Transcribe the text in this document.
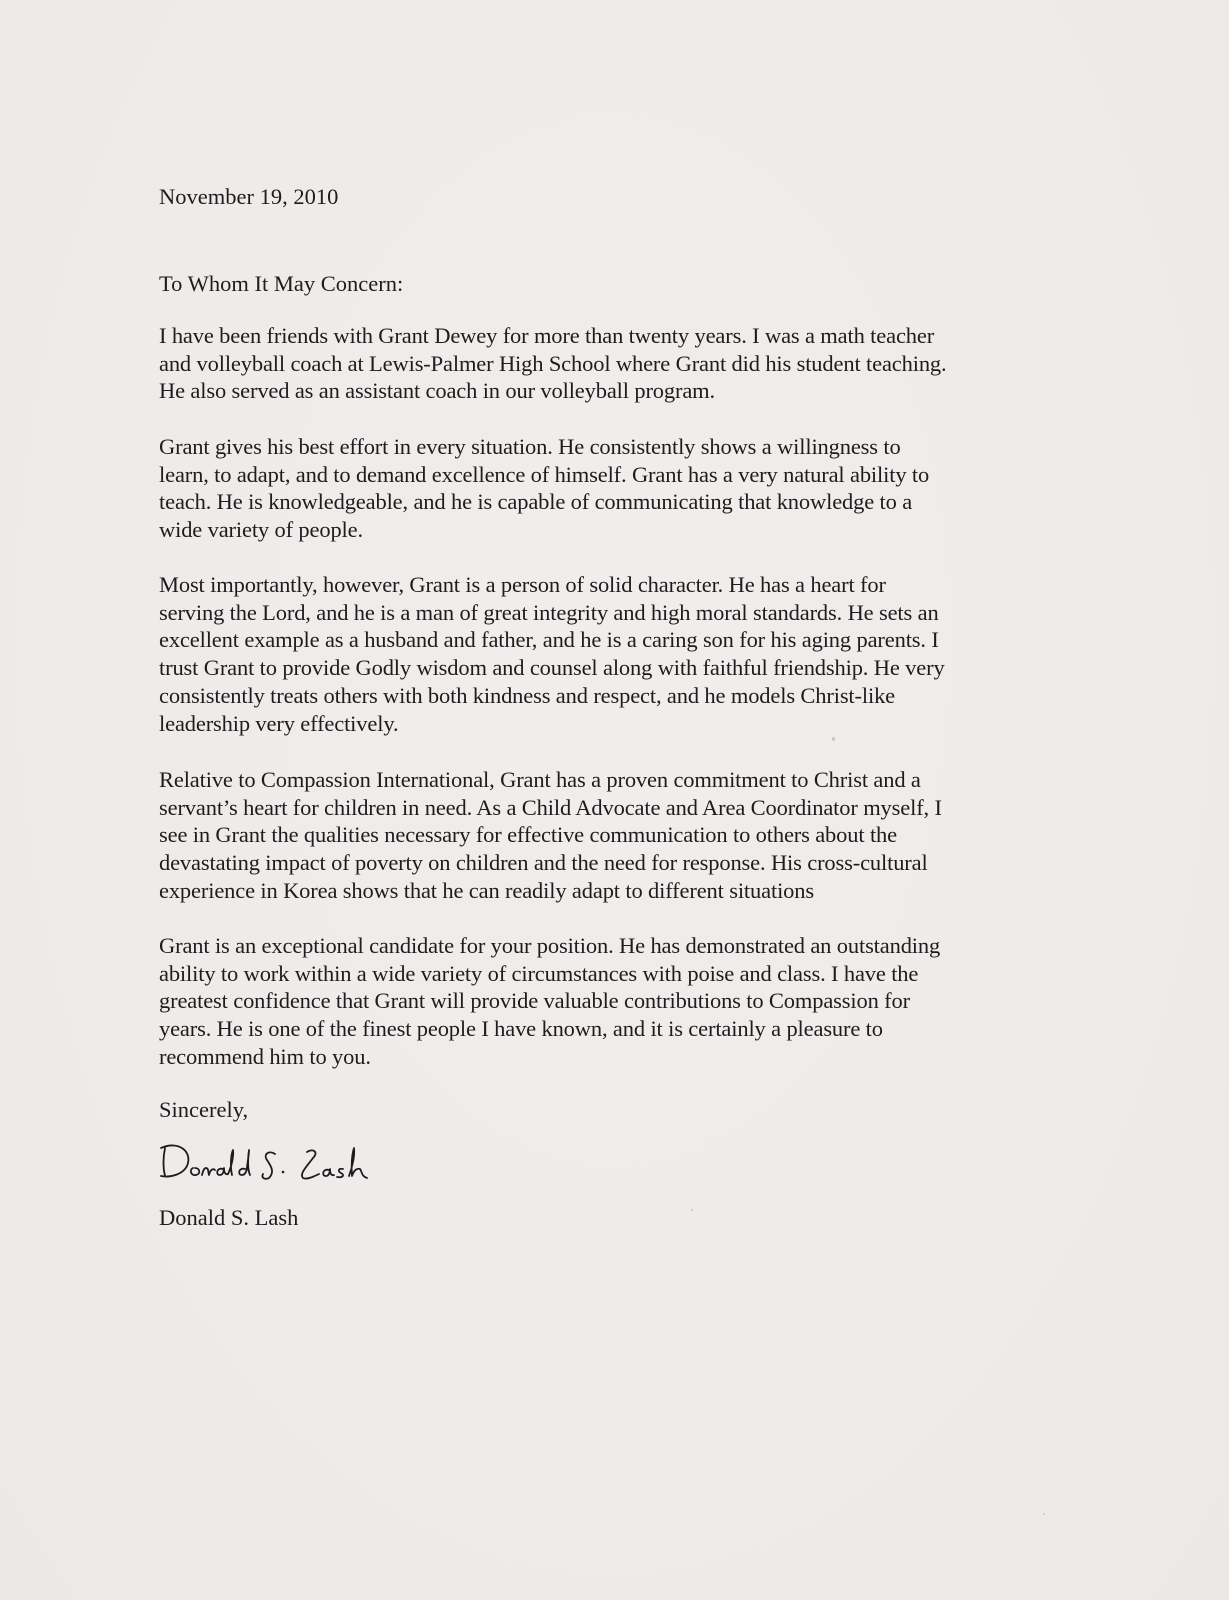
November 19, 2010
To Whom It May Concern:
I have been friends with Grant Dewey for more than twenty years. I was a math teacher
and volleyball coach at Lewis-Palmer High School where Grant did his student teaching.
He also served as an assistant coach in our volleyball program.
Grant gives his best effort in every situation. He consistently shows a willingness to
learn, to adapt, and to demand excellence of himself. Grant has a very natural ability to
teach. He is knowledgeable, and he is capable of communicating that knowledge to a
wide variety of people.
Most importantly, however, Grant is a person of solid character. He has a heart for
serving the Lord, and he is a man of great integrity and high moral standards. He sets an
excellent example as a husband and father, and he is a caring son for his aging parents. I
trust Grant to provide Godly wisdom and counsel along with faithful friendship. He very
consistently treats others with both kindness and respect, and he models Christ-like
leadership very effectively.
Relative to Compassion International, Grant has a proven commitment to Christ and a
servant’s heart for children in need. As a Child Advocate and Area Coordinator myself, I
see in Grant the qualities necessary for effective communication to others about the
devastating impact of poverty on children and the need for response. His cross-cultural
experience in Korea shows that he can readily adapt to different situations
Grant is an exceptional candidate for your position. He has demonstrated an outstanding
ability to work within a wide variety of circumstances with poise and class. I have the
greatest confidence that Grant will provide valuable contributions to Compassion for
years. He is one of the finest people I have known, and it is certainly a pleasure to
recommend him to you.
Sincerely,
Donald S. Lash
